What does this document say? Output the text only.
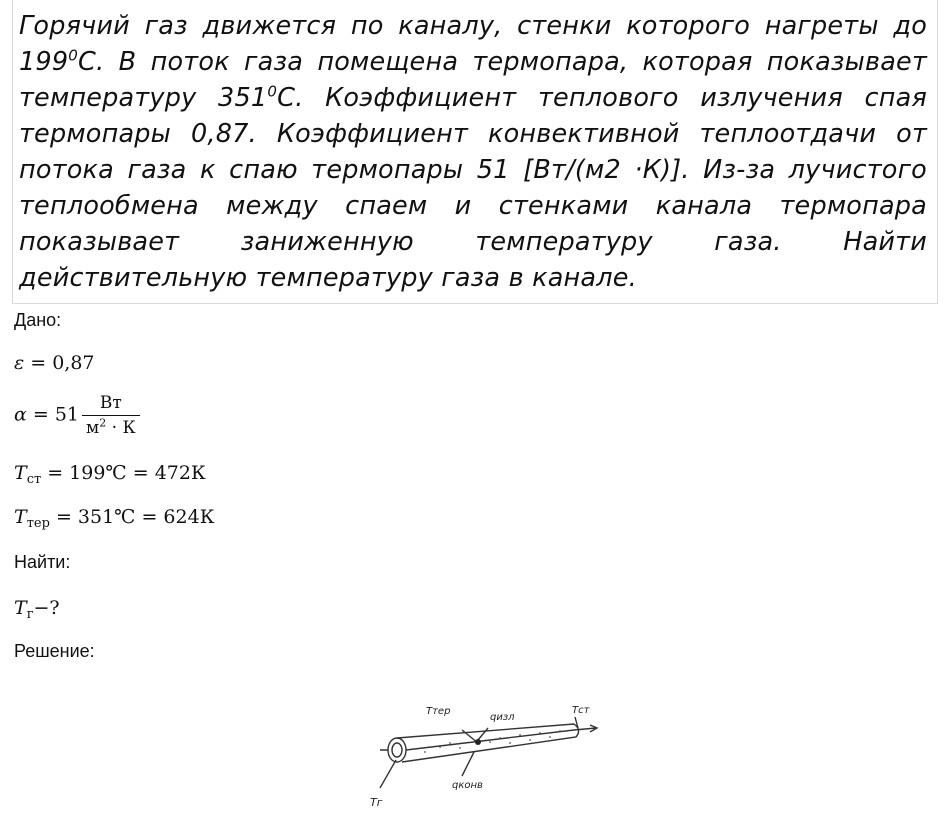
Горячий газ движется по каналу, стенки которого нагреты до $199^0С$. В поток газа помещена термопара, которая показывает температуру $351^0С$. Коэффициент теплового излучения спая термопары 0,87. Коэффициент конвективной теплоотдачи от потока газа к спаю термопары 51 [Вт/(м2 ·К)]. Из-за лучистого теплообмена между спаем и стенками канала термопара показывает заниженную температуру газа. Найти действительную температуру газа в канале.
Дано:
ε = 0,87
$\alpha = 51 \frac{Вт}{м^2 \cdot К}$
$T_{ст}$ = 199℃ = 472К
$T_{тер}$ = 351℃ = 624К
Найти:
$T_г-$?
Решение:
Tтер
qизл
Tст
qконв
Tг
